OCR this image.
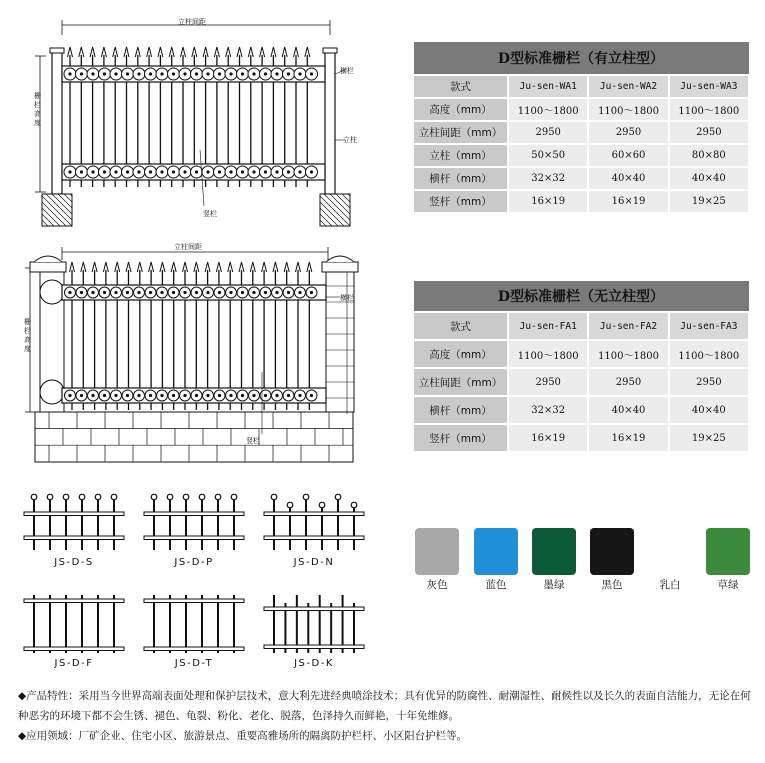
立柱间距
栅栏高度
横栏
立柱
竖栏
立柱间距
栅栏高度
横栏
竖栏
D型标准栅栏（有立柱型）			
款式	Ju-sen-WA1	Ju-sen-WA2	Ju-sen-WA3
高度（mm）	1100～1800	1100～1800	1100～1800
立柱间距（mm）	2950	2950	2950
立柱（mm）	50×50	60×60	80×80
横杆（mm）	32×32	40×40	40×40
竖杆（mm）	16×19	16×19	19×25
D型标准栅栏（无立柱型）			
款式	Ju-sen-FA1	Ju-sen-FA2	Ju-sen-FA3
高度（mm）	1100～1800	1100～1800	1100～1800
立柱间距（mm）	2950	2950	2950
横杆（mm）	32×32	40×40	40×40
竖杆（mm）	16×19	16×19	19×25
JS-D-S	JS-D-P	JS-D-N
JS-D-F	JS-D-T	JS-D-K
灰色	蓝色	墨绿	黑色	乳白	草绿
◆产品特性：采用当今世界高端表面处理和保护层技术，意大利先进经典喷涂技术；具有优异的防腐性、耐潮湿性、耐候性以及长久的表面自洁能力，无论在何种恶劣的环境下都不会生锈、褪色、龟裂、粉化、老化、脱落，色泽持久而鲜艳，十年免维修。
◆应用领域：厂矿企业、住宅小区、旅游景点、重要高雅场所的隔离防护栏杆、小区阳台护栏等。
